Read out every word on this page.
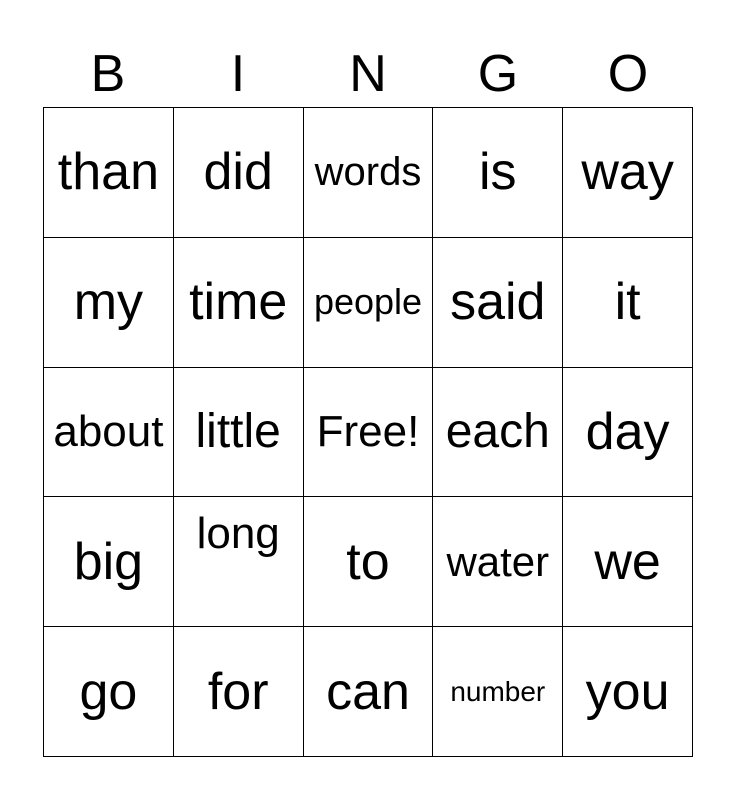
B	I	N	G	O
than did words is way
my time people said it
about little Free! each day
big long to water we
go for can number you
